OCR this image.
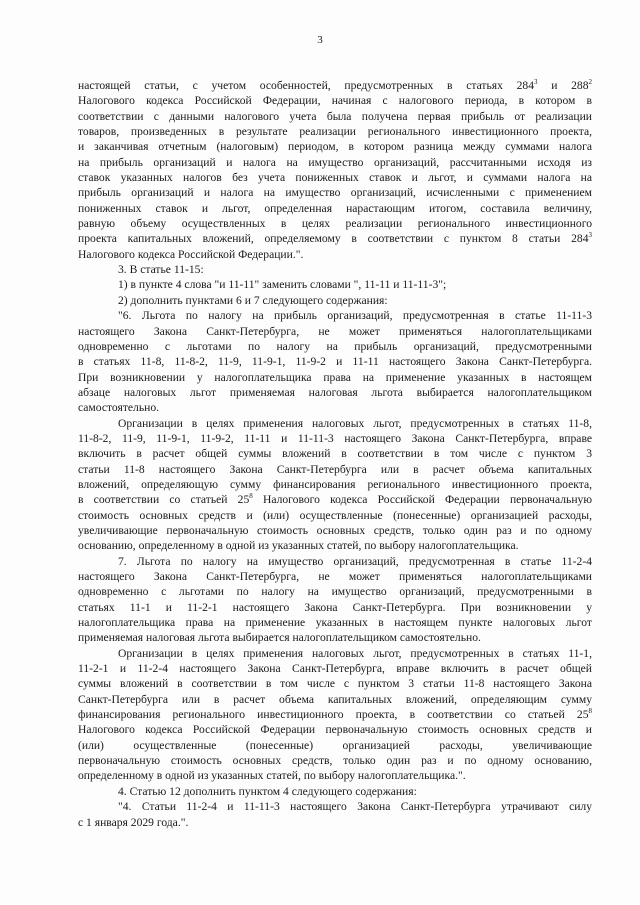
3
настоящей статьи, с учетом особенностей, предусмотренных в статьях $284^3$ и $288^2$
Налогового кодекса Российской Федерации, начиная с налогового периода, в котором в
соответствии с данными налогового учета была получена первая прибыль от реализации
товаров, произведенных в результате реализации регионального инвестиционного проекта,
и заканчивая отчетным (налоговым) периодом, в котором разница между суммами налога
на прибыль организаций и налога на имущество организаций, рассчитанными исходя из
ставок указанных налогов без учета пониженных ставок и льгот, и суммами налога на
прибыль организаций и налога на имущество организаций, исчисленными с применением
пониженных ставок и льгот, определенная нарастающим итогом, составила величину,
равную объему осуществленных в целях реализации регионального инвестиционного
проекта капитальных вложений, определяемому в соответствии с пунктом 8 статьи $284^3$
Налогового кодекса Российской Федерации.".
3. В статье 11-15:
1) в пункте 4 слова "и 11-11" заменить словами ", 11-11 и 11-11-3";
2) дополнить пунктами 6 и 7 следующего содержания:
"6. Льгота по налогу на прибыль организаций, предусмотренная в статье 11-11-3
настоящего Закона Санкт-Петербурга, не может применяться налогоплательщиками
одновременно с льготами по налогу на прибыль организаций, предусмотренными
в статьях 11-8, 11-8-2, 11-9, 11-9-1, 11-9-2 и 11-11 настоящего Закона Санкт-Петербурга.
При возникновении у налогоплательщика права на применение указанных в настоящем
абзаце налоговых льгот применяемая налоговая льгота выбирается налогоплательщиком
самостоятельно.
Организации в целях применения налоговых льгот, предусмотренных в статьях 11-8,
11-8-2, 11-9, 11-9-1, 11-9-2, 11-11 и 11-11-3 настоящего Закона Санкт-Петербурга, вправе
включить в расчет общей суммы вложений в соответствии в том числе с пунктом 3
статьи 11-8 настоящего Закона Санкт-Петербурга или в расчет объема капитальных
вложений, определяющую сумму финансирования регионального инвестиционного проекта,
в соответствии со статьей $25^8$ Налогового кодекса Российской Федерации первоначальную
стоимость основных средств и (или) осуществленные (понесенные) организацией расходы,
увеличивающие первоначальную стоимость основных средств, только один раз и по одному
основанию, определенному в одной из указанных статей, по выбору налогоплательщика.
7. Льгота по налогу на имущество организаций, предусмотренная в статье 11-2-4
настоящего Закона Санкт-Петербурга, не может применяться налогоплательщиками
одновременно с льготами по налогу на имущество организаций, предусмотренными в
статьях 11-1 и 11-2-1 настоящего Закона Санкт-Петербурга. При возникновении у
налогоплательщика права на применение указанных в настоящем пункте налоговых льгот
применяемая налоговая льгота выбирается налогоплательщиком самостоятельно.
Организации в целях применения налоговых льгот, предусмотренных в статьях 11-1,
11-2-1 и 11-2-4 настоящего Закона Санкт-Петербурга, вправе включить в расчет общей
суммы вложений в соответствии в том числе с пунктом 3 статьи 11-8 настоящего Закона
Санкт-Петербурга или в расчет объема капитальных вложений, определяющим сумму
финансирования регионального инвестиционного проекта, в соответствии со статьей $25^8$
Налогового кодекса Российской Федерации первоначальную стоимость основных средств и
(или) осуществленные (понесенные) организацией расходы, увеличивающие
первоначальную стоимость основных средств, только один раз и по одному основанию,
определенному в одной из указанных статей, по выбору налогоплательщика.".
4. Статью 12 дополнить пунктом 4 следующего содержания:
"4. Статьи 11-2-4 и 11-11-3 настоящего Закона Санкт-Петербурга утрачивают силу
с 1 января 2029 года.".
